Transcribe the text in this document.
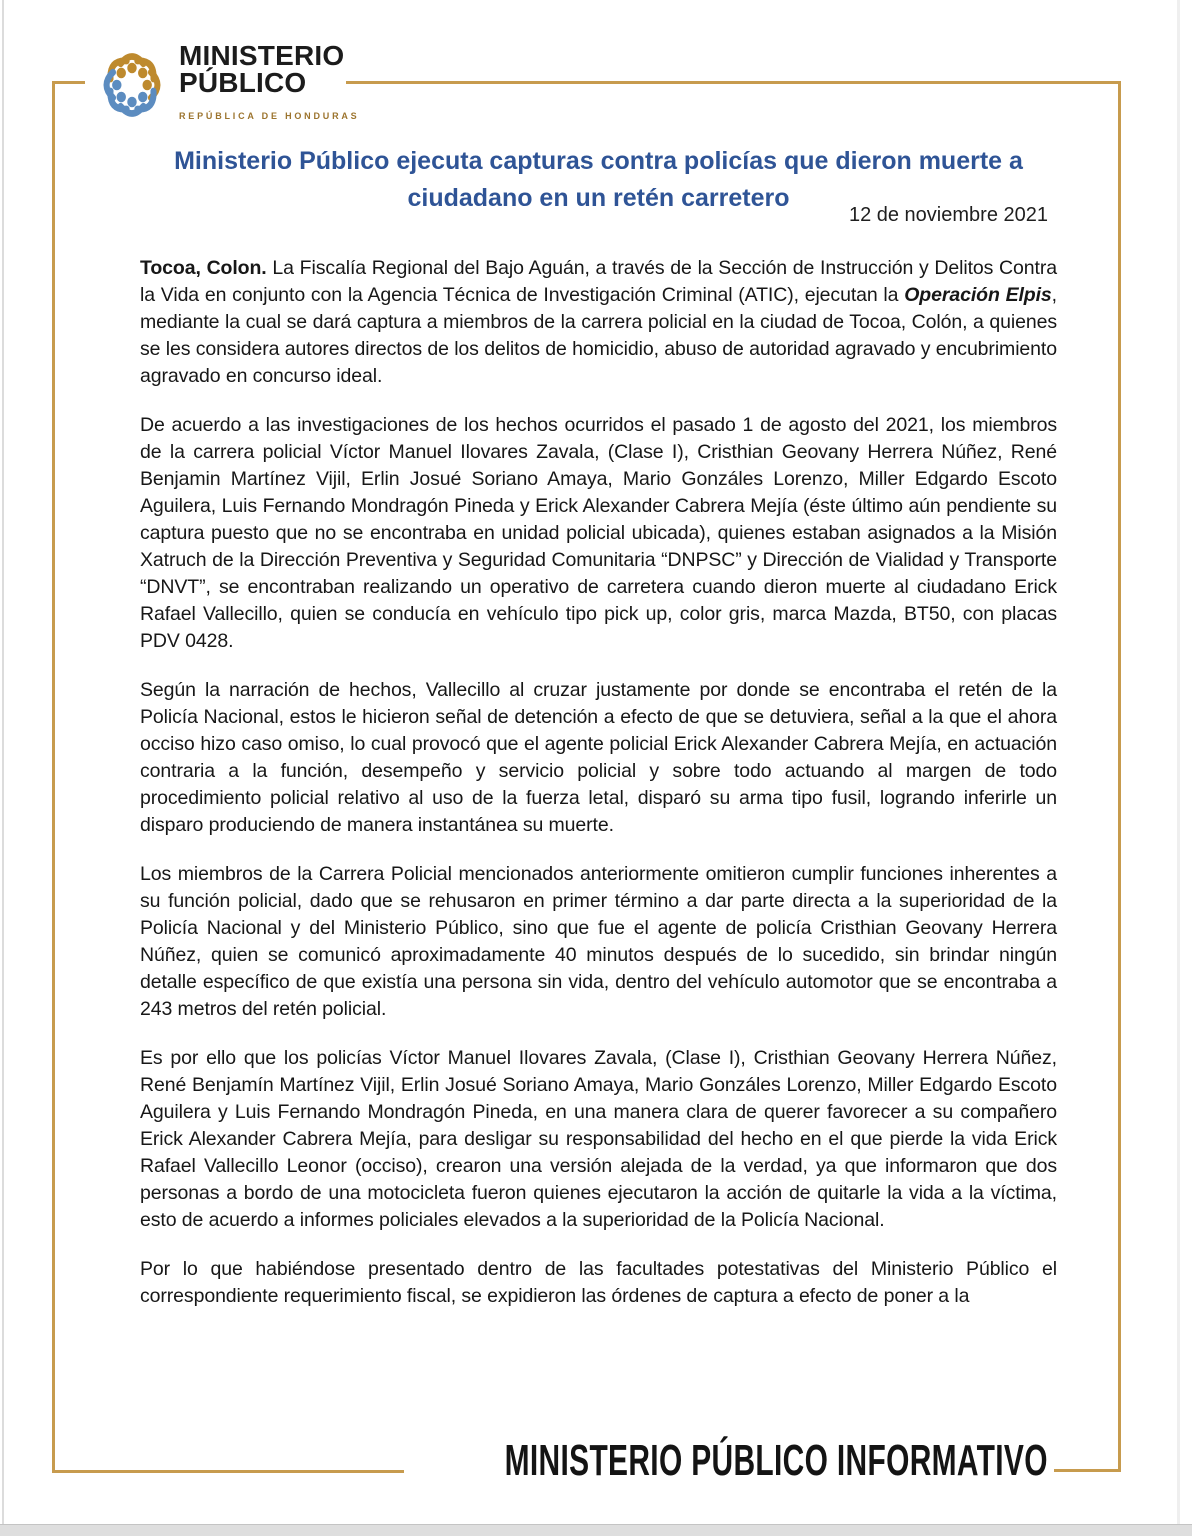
MINISTERIO
PÚBLICO
REPÚBLICA DE HONDURAS
Ministerio Público ejecuta capturas contra policías que dieron muerte a
ciudadano en un retén carretero
12 de noviembre 2021

Tocoa, Colon. La Fiscalía Regional del Bajo Aguán, a través de la Sección de Instrucción y Delitos Contra la Vida en conjunto con la Agencia Técnica de Investigación Criminal (ATIC), ejecutan la Operación Elpis, mediante la cual se dará captura a miembros de la carrera policial en la ciudad de Tocoa, Colón, a quienes se les considera autores directos de los delitos de homicidio, abuso de autoridad agravado y encubrimiento agravado en concurso ideal.

De acuerdo a las investigaciones de los hechos ocurridos el pasado 1 de agosto del 2021, los miembros de la carrera policial Víctor Manuel Ilovares Zavala, (Clase I), Cristhian Geovany Herrera Núñez, René Benjamin Martínez Vijil, Erlin Josué Soriano Amaya, Mario Gonzáles Lorenzo, Miller Edgardo Escoto Aguilera, Luis Fernando Mondragón Pineda y Erick Alexander Cabrera Mejía (éste último aún pendiente su captura puesto que no se encontraba en unidad policial ubicada), quienes estaban asignados a la Misión Xatruch de la Dirección Preventiva y Seguridad Comunitaria “DNPSC” y Dirección de Vialidad y Transporte “DNVT”, se encontraban realizando un operativo de carretera cuando dieron muerte al ciudadano Erick Rafael Vallecillo, quien se conducía en vehículo tipo pick up, color gris, marca Mazda, BT50, con placas PDV 0428.

Según la narración de hechos, Vallecillo al cruzar justamente por donde se encontraba el retén de la Policía Nacional, estos le hicieron señal de detención a efecto de que se detuviera, señal a la que el ahora occiso hizo caso omiso, lo cual provocó que el agente policial Erick Alexander Cabrera Mejía, en actuación contraria a la función, desempeño y servicio policial y sobre todo actuando al margen de todo procedimiento policial relativo al uso de la fuerza letal, disparó su arma tipo fusil, logrando inferirle un disparo produciendo de manera instantánea su muerte.

Los miembros de la Carrera Policial mencionados anteriormente omitieron cumplir funciones inherentes a su función policial, dado que se rehusaron en primer término a dar parte directa a la superioridad de la Policía Nacional y del Ministerio Público, sino que fue el agente de policía Cristhian Geovany Herrera Núñez, quien se comunicó aproximadamente 40 minutos después de lo sucedido, sin brindar ningún detalle específico de que existía una persona sin vida, dentro del vehículo automotor que se encontraba a 243 metros del retén policial.

Es por ello que los policías Víctor Manuel Ilovares Zavala, (Clase I), Cristhian Geovany Herrera Núñez, René Benjamín Martínez Vijil, Erlin Josué Soriano Amaya, Mario Gonzáles Lorenzo, Miller Edgardo Escoto Aguilera y Luis Fernando Mondragón Pineda, en una manera clara de querer favorecer a su compañero Erick Alexander Cabrera Mejía, para desligar su responsabilidad del hecho en el que pierde la vida Erick Rafael Vallecillo Leonor (occiso), crearon una versión alejada de la verdad, ya que informaron que dos personas a bordo de una motocicleta fueron quienes ejecutaron la acción de quitarle la vida a la víctima, esto de acuerdo a informes policiales elevados a la superioridad de la Policía Nacional.

Por lo que habiéndose presentado dentro de las facultades potestativas del Ministerio Público el correspondiente requerimiento fiscal, se expidieron las órdenes de captura a efecto de poner a la

MINISTERIO PÚBLICO INFORMATIVO
